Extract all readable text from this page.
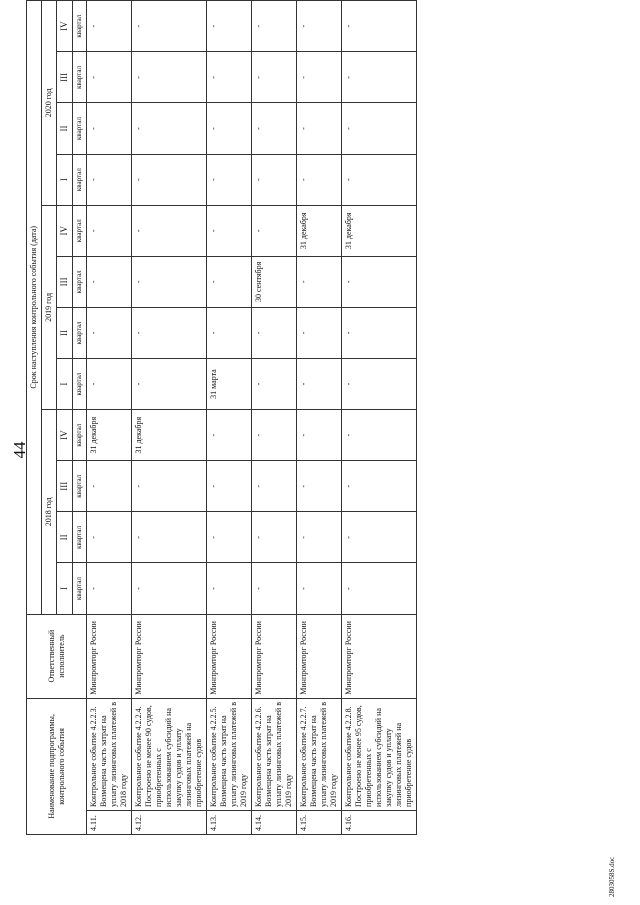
44
Наименование подпрограммы, контрольного события		Ответственный исполнитель	Срок наступления контрольного события (дата)											
			2018 год				2019 год				2020 год			
			I	II	III	IV	I	II	III	IV	I	II	III	IV
			квартал	квартал	квартал	квартал	квартал	квартал	квартал	квартал	квартал	квартал	квартал	квартал
4.11.	Контрольное событие 4.2.2.3. Возмещена часть затрат на уплату лизинговых платежей в 2018 году	Минпромторг России	-	-	-	31 декабря	-	-	-	-	-	-	-	-
4.12.	Контрольное событие 4.2.2.4. Построено не менее 90 судов, приобретенных с использованием субсидий на закупку судов и уплату лизинговых платежей на приобретение судов	Минпромторг России	-	-	-	31 декабря	-	-	-	-	-	-	-	-
4.13.	Контрольное событие 4.2.2.5. Возмещена часть затрат на уплату лизинговых платежей в 2019 году	Минпромторг России	-	-	-	-	31 марта	-	-	-	-	-	-	-
4.14.	Контрольное событие 4.2.2.6. Возмещена часть затрат на уплату лизинговых платежей в 2019 году	Минпромторг России	-	-	-	-	-	-	30 сентября	-	-	-	-	-
4.15.	Контрольное событие 4.2.2.7. Возмещена часть затрат на уплату лизинговых платежей в 2019 году	Минпромторг России	-	-	-	-	-	-	-	31 декабря	-	-	-	-
4.16.	Контрольное событие 4.2.2.8. Построено не менее 95 судов, приобретенных с использованием субсидий на закупку судов и уплату лизинговых платежей на приобретение судов	Минпромторг России	-	-	-	-	-	-	-	31 декабря	-	-	-	-
2803058S.doc
